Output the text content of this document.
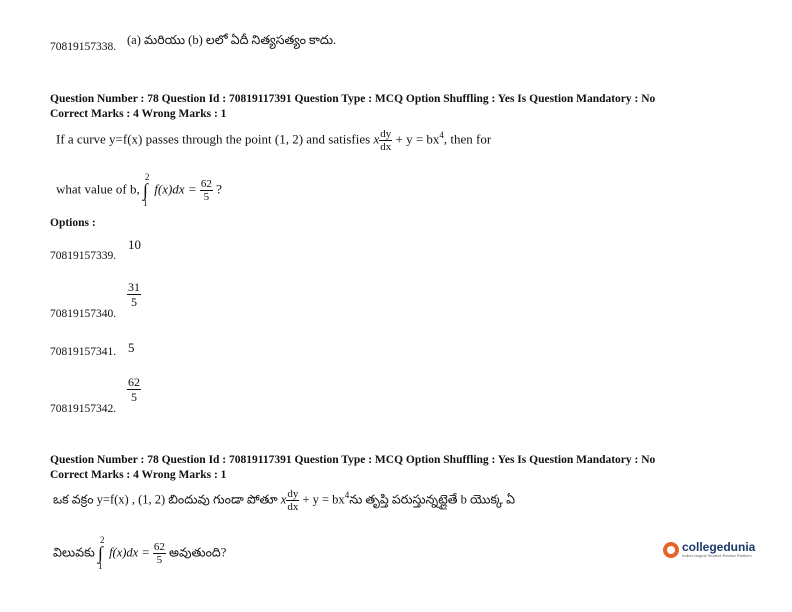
70819157338. (a) మరియు (b) లలో ఏదీ నిత్యసత్యం కాదు.
Question Number : 78 Question Id : 70819117391 Question Type : MCQ Option Shuffling : Yes Is Question Mandatory : No
Correct Marks : 4 Wrong Marks : 1
If a curve y=f(x) passes through the point (1, 2) and satisfies x $\frac{dy}{dx} + y = bx^4$, then for
what value of b, ∫
2
1
$f(x)dx = \frac{62}{5}$ ?
Options :
70819157339.
10
70819157340.
$\frac{31}{5}$
70819157341. 5
70819157342.
$\frac{62}{5}$
Question Number : 78 Question Id : 70819117391 Question Type : MCQ Option Shuffling : Yes Is Question Mandatory : No
Correct Marks : 4 Wrong Marks : 1
ఒక వక్రం y=f(x) , (1, 2) బిందువు గుండా పోతూ x $\frac{dy}{dx} + y$ = $bx^4ను$ తృప్తి పరుస్తున్నట్లైతే b యొక్క ఏ
విలువకు ∫
2
1
$f(x)dx = \frac{62}{5}$ అవుతుంది?	collegedunia
India's largest Student Review Platform
